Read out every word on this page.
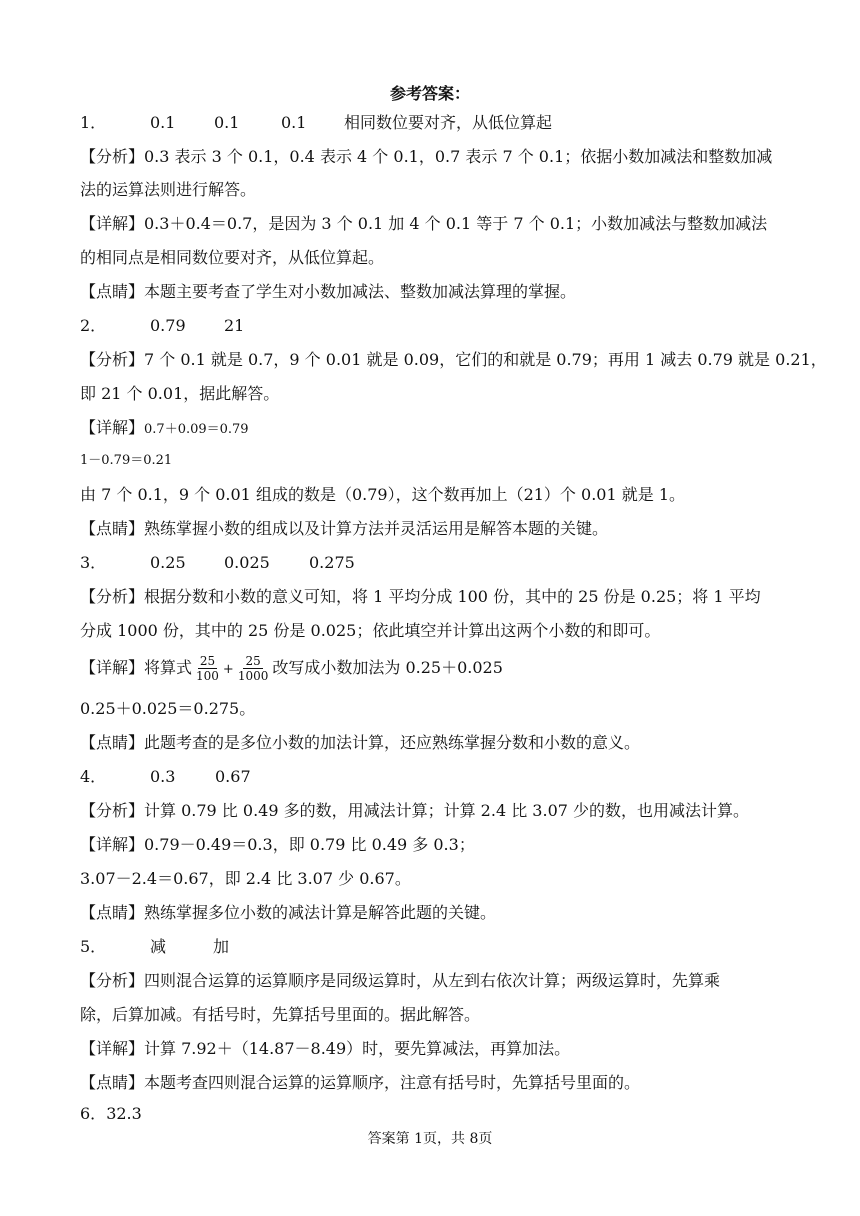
参考答案：
1．	0.1 0.1	0.1 相同数位要对齐，从低位算起
【分析】0.3 表示 3 个 0.1，0.4 表示 4 个 0.1，0.7 表示 7 个 0.1；依据小数加减法和整数加减
法的运算法则进行解答。
【详解】0.3＋0.4＝0.7，是因为 3 个 0.1 加 4 个 0.1 等于 7 个 0.1；小数加减法与整数加减法
的相同点是相同数位要对齐，从低位算起。
【点睛】本题主要考查了学生对小数加减法、整数加减法算理的掌握。
2．	0.79 21
【分析】7 个 0.1 就是 0.7，9 个 0.01 就是 0.09，它们的和就是 0.79；再用 1 减去 0.79 就是 0.21，
即 21 个 0.01，据此解答。
【详解】0.7＋0.09＝0.79
1－0.79＝0.21
由 7 个 0.1，9 个 0.01 组成的数是（0.79），这个数再加上（21）个 0.01 就是 1。
【点睛】熟练掌握小数的组成以及计算方法并灵活运用是解答本题的关键。
3．	0.25 0.025 0.275
【分析】根据分数和小数的意义可知，将 1 平均分成 100 份，其中的 25 份是 0.25；将 1 平均
分成 1000 份，其中的 25 份是 0.025；依此填空并计算出这两个小数的和即可。
【详解】将算式 $\frac{25}{100} + \frac{25}{1000}$ 改写成小数加法为 0.25＋0.025
0.25＋0.025＝0.275。
【点睛】此题考查的是多位小数的加法计算，还应熟练掌握分数和小数的意义。
4．	0.3 0.67
【分析】计算 0.79 比 0.49 多的数，用减法计算；计算 2.4 比 3.07 少的数，也用减法计算。
【详解】0.79－0.49＝0.3，即 0.79 比 0.49 多 0.3；
3.07－2.4＝0.67，即 2.4 比 3.07 少 0.67。
【点睛】熟练掌握多位小数的减法计算是解答此题的关键。
5．	减	加
【分析】四则混合运算的运算顺序是同级运算时，从左到右依次计算；两级运算时，先算乘
除，后算加减。有括号时，先算括号里面的。据此解答。
【详解】计算 7.92＋（14.87－8.49）时，要先算减法，再算加法。
【点睛】本题考查四则混合运算的运算顺序，注意有括号时，先算括号里面的。
6．32.3
答案第 1页，共 8页
